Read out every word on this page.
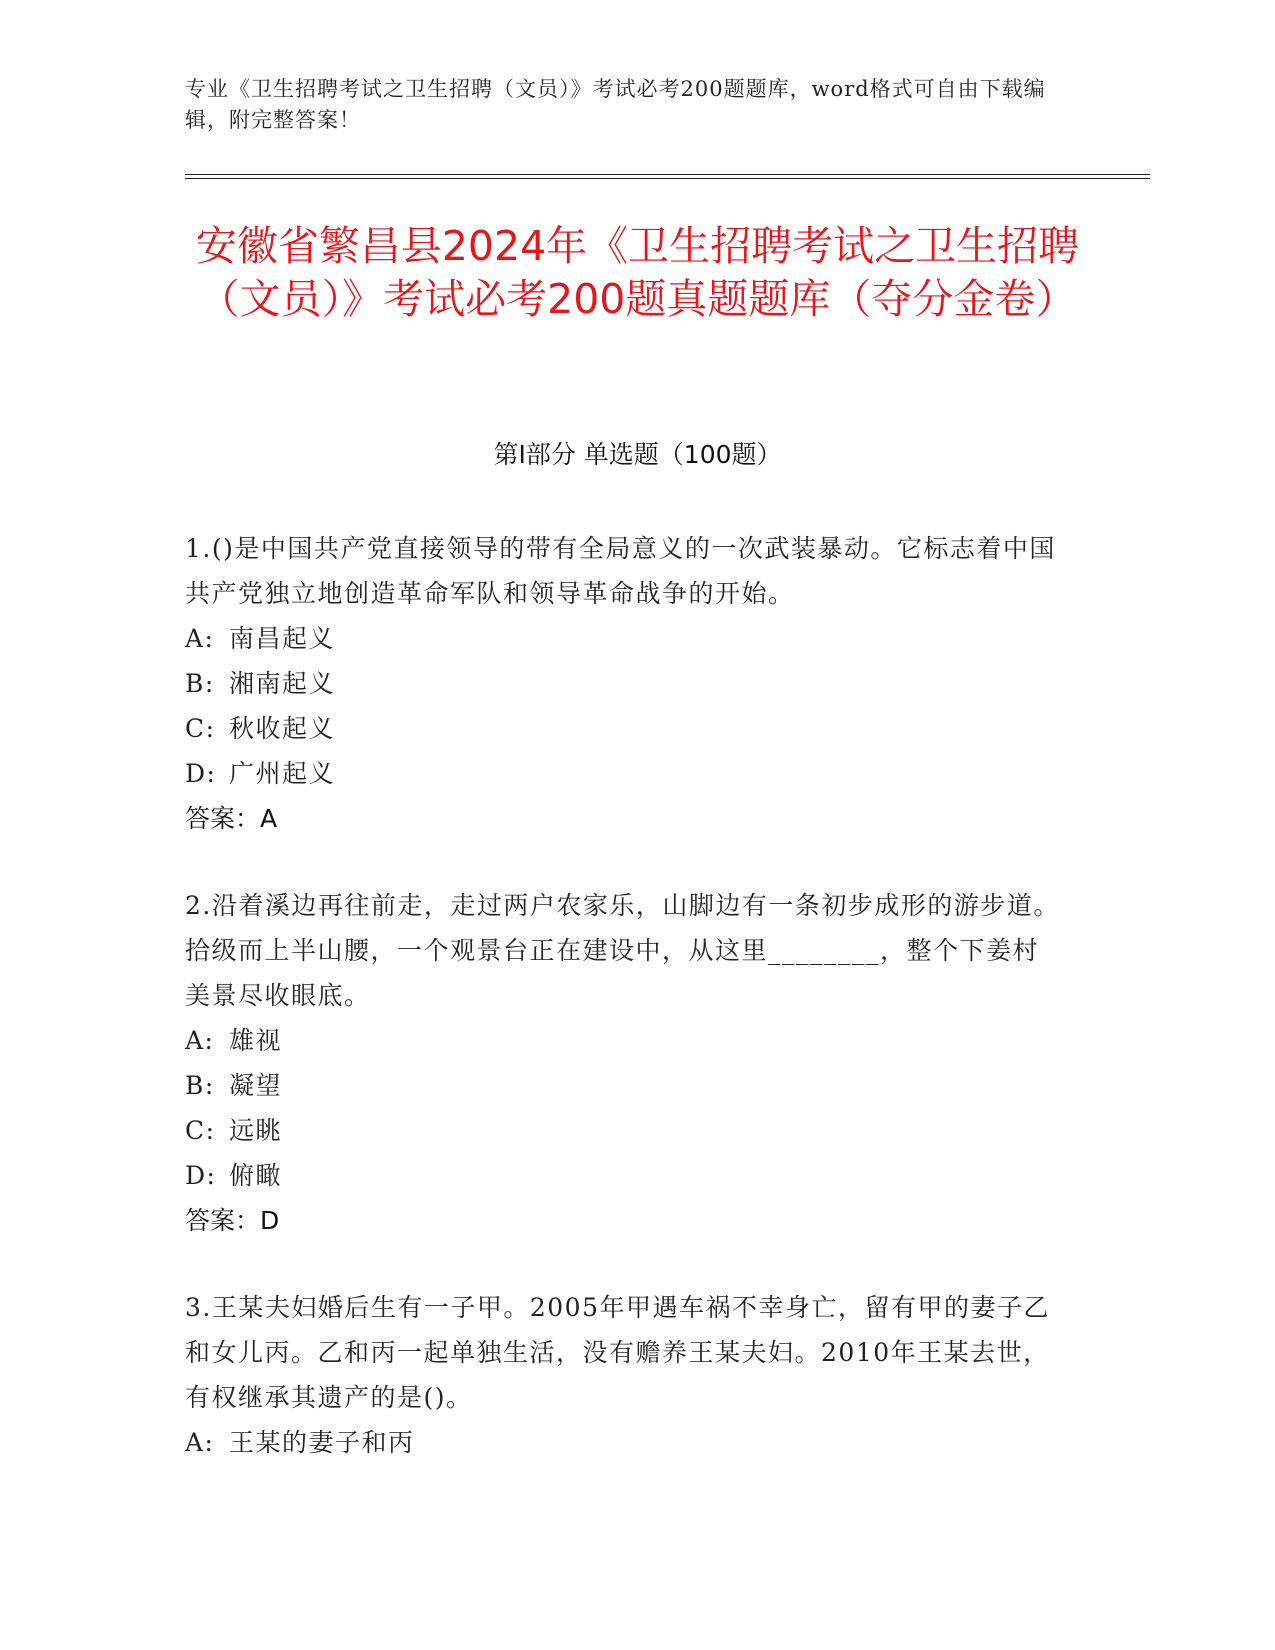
专业《卫生招聘考试之卫生招聘（文员）》考试必考200题题库，word格式可自由下载编辑，附完整答案！
安徽省繁昌县2024年《卫生招聘考试之卫生招聘（文员）》考试必考200题真题题库（夺分金卷）
第Ⅰ部分 单选题（100题）

1.()是中国共产党直接领导的带有全局意义的一次武装暴动。它标志着中国共产党独立地创造革命军队和领导革命战争的开始。

A: 南昌起义
B: 湘南起义
C: 秋收起义
D: 广州起义

答案：A

2.沿着溪边再往前走，走过两户农家乐，山脚边有一条初步成形的游步道。拾级而上半山腰，一个观景台正在建设中，从这里________，整个下姜村美景尽收眼底。

A: 雄视
B: 凝望
C: 远眺
D: 俯瞰

答案：D

3.王某夫妇婚后生有一子甲。2005年甲遇车祸不幸身亡，留有甲的妻子乙和女儿丙。乙和丙一起单独生活，没有赡养王某夫妇。2010年王某去世，有权继承其遗产的是()。

A: 王某的妻子和丙
